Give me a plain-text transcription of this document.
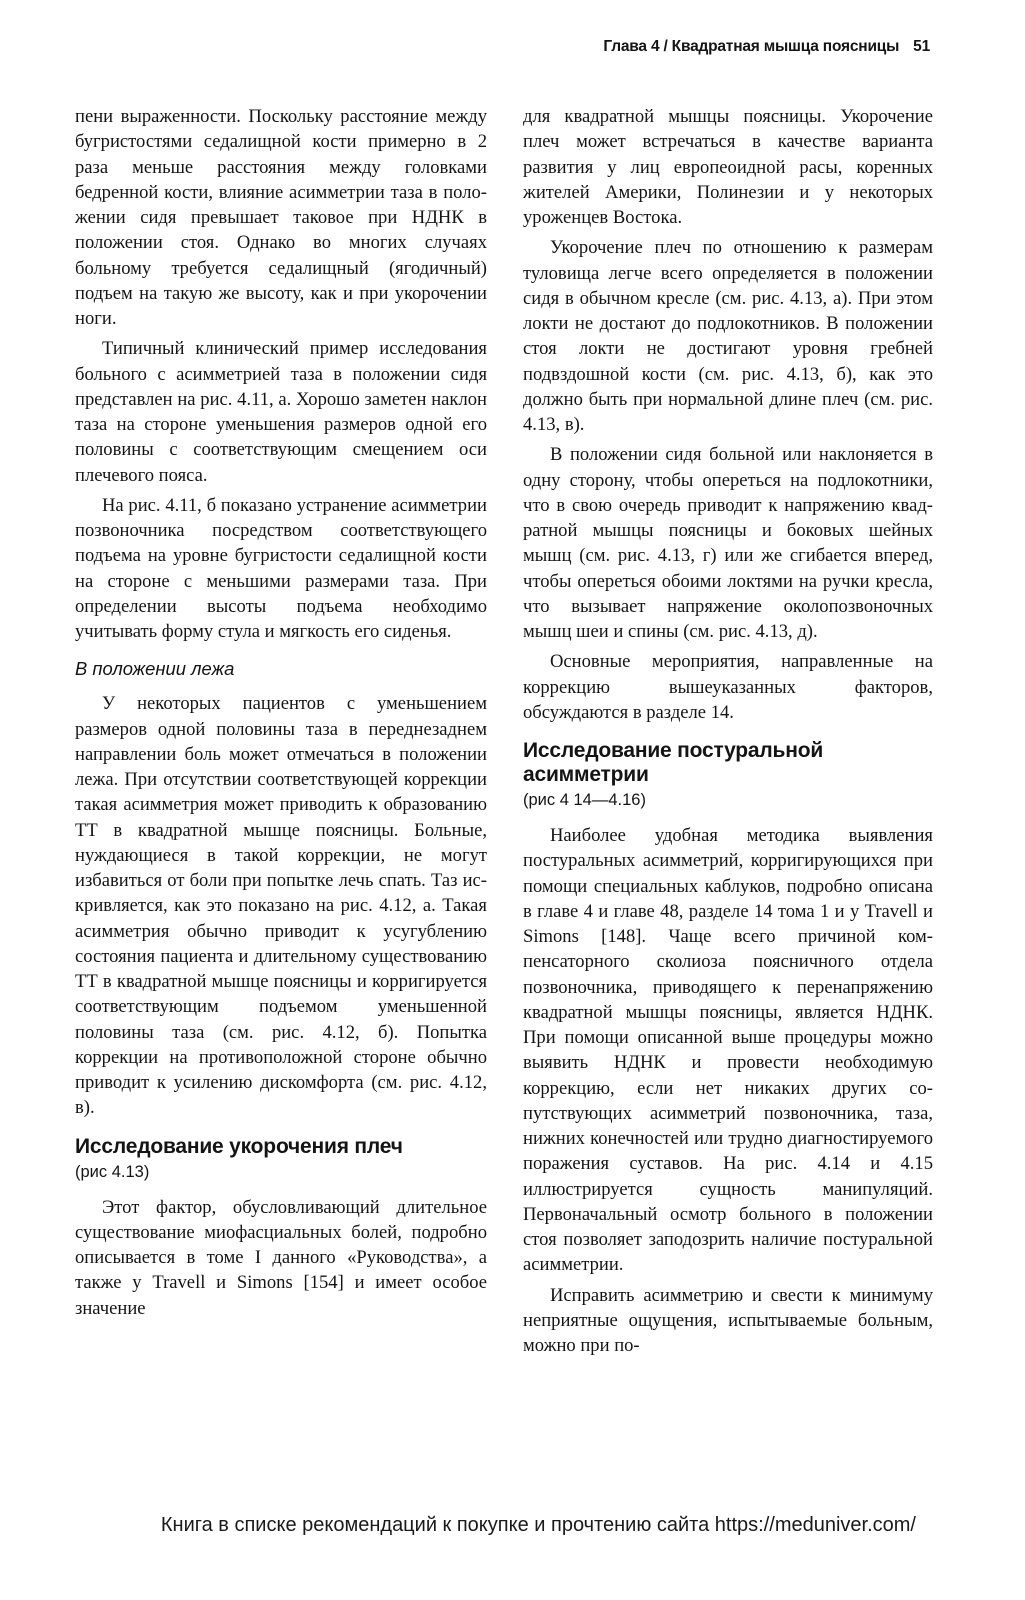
Глава 4 / Квадратная мышца поясницы 51

пени выраженности. Поскольку расстояние между бугристостями седалищной кости примерно в 2 раза меньше расстояния между головками бедренной кости, влияние асимметрии таза в положении сидя превышает таковое при НДНК в положении стоя. Однако во многих случаях больному требуется седалищный (ягодичный) подъем на такую же высоту, как и при укорочении ноги.

Типичный клинический пример исследования больного с асимметрией таза в положении сидя представлен на рис. 4.11, а. Хорошо заметен наклон таза на стороне уменьшения размеров одной его половины с соответствующим смещением оси плечевого пояса.

На рис. 4.11, б показано устранение асимметрии позвоночника посредством соответствующего подъема на уровне бугристости седалищной кости на стороне с меньшими размерами таза. При определении высоты подъема необходимо учитывать форму стула и мягкость его сиденья.

В положении лежа

У некоторых пациентов с уменьшением размеров одной половины таза в переднезаднем направлении боль может отмечаться в положении лежа. При отсутствии соответствующей коррекции такая асимметрия может приводить к образованию ТТ в квадратной мышце поясницы. Больные, нуждающиеся в такой коррекции, не могут избавиться от боли при попытке лечь спать. Таз искривляется, как это показано на рис. 4.12, а. Такая асимметрия обычно приводит к усугублению состояния пациента и длительному существованию ТТ в квадратной мышце поясницы и корригируется соответствующим подъемом уменьшенной половины таза (см. рис. 4.12, б). Попытка коррекции на противоположной стороне обычно приводит к усилению дискомфорта (см. рис. 4.12, в).

Исследование укорочения плеч
(рис 4.13)

Этот фактор, обусловливающий длительное существование миофасциальных болей, подробно описывается в томе I данного «Руководства», а также у Travell и Simons [154] и имеет особое значение

для квадратной мышцы поясницы. Укорочение плеч может встречаться в качестве варианта развития у лиц европеоидной расы, коренных жителей Америки, Полинезии и у некоторых уроженцев Востока.

Укорочение плеч по отношению к размерам туловища легче всего определяется в положении сидя в обычном кресле (см. рис. 4.13, а). При этом локти не достают до подлокотников. В положении стоя локти не достигают уровня гребней подвздошной кости (см. рис. 4.13, б), как это должно быть при нормальной длине плеч (см. рис. 4.13, в).

В положении сидя больной или наклоняется в одну сторону, чтобы опереться на подлокотники, что в свою очередь приводит к напряжению квадратной мышцы поясницы и боковых шейных мышц (см. рис. 4.13, г) или же сгибается вперед, чтобы опереться обоими локтями на ручки кресла, что вызывает напряжение околопозвоночных мышц шеи и спины (см. рис. 4.13, д).

Основные мероприятия, направленные на коррекцию вышеуказанных факторов, обсуждаются в разделе 14.

Исследование постуральной асимметрии
(рис 4 14—4.16)

Наиболее удобная методика выявления постуральных асимметрий, корригирующихся при помощи специальных каблуков, подробно описана в главе 4 и главе 48, разделе 14 тома 1 и у Travell и Simons [148]. Чаще всего причиной компенсаторного сколиоза поясничного отдела позвоночника, приводящего к перенапряжению квадратной мышцы поясницы, является НДНК. При помощи описанной выше процедуры можно выявить НДНК и провести необходимую коррекцию, если нет никаких других сопутствующих асимметрий позвоночника, таза, нижних конечностей или трудно диагностируемого поражения суставов. На рис. 4.14 и 4.15 иллюстрируется сущность манипуляций. Первоначальный осмотр больного в положении стоя позволяет заподозрить наличие постуральной асимметрии.

Исправить асимметрию и свести к минимуму неприятные ощущения, испытываемые больным, можно при по-

Книга в списке рекомендаций к покупке и прочтению сайта https://meduniver.com/
